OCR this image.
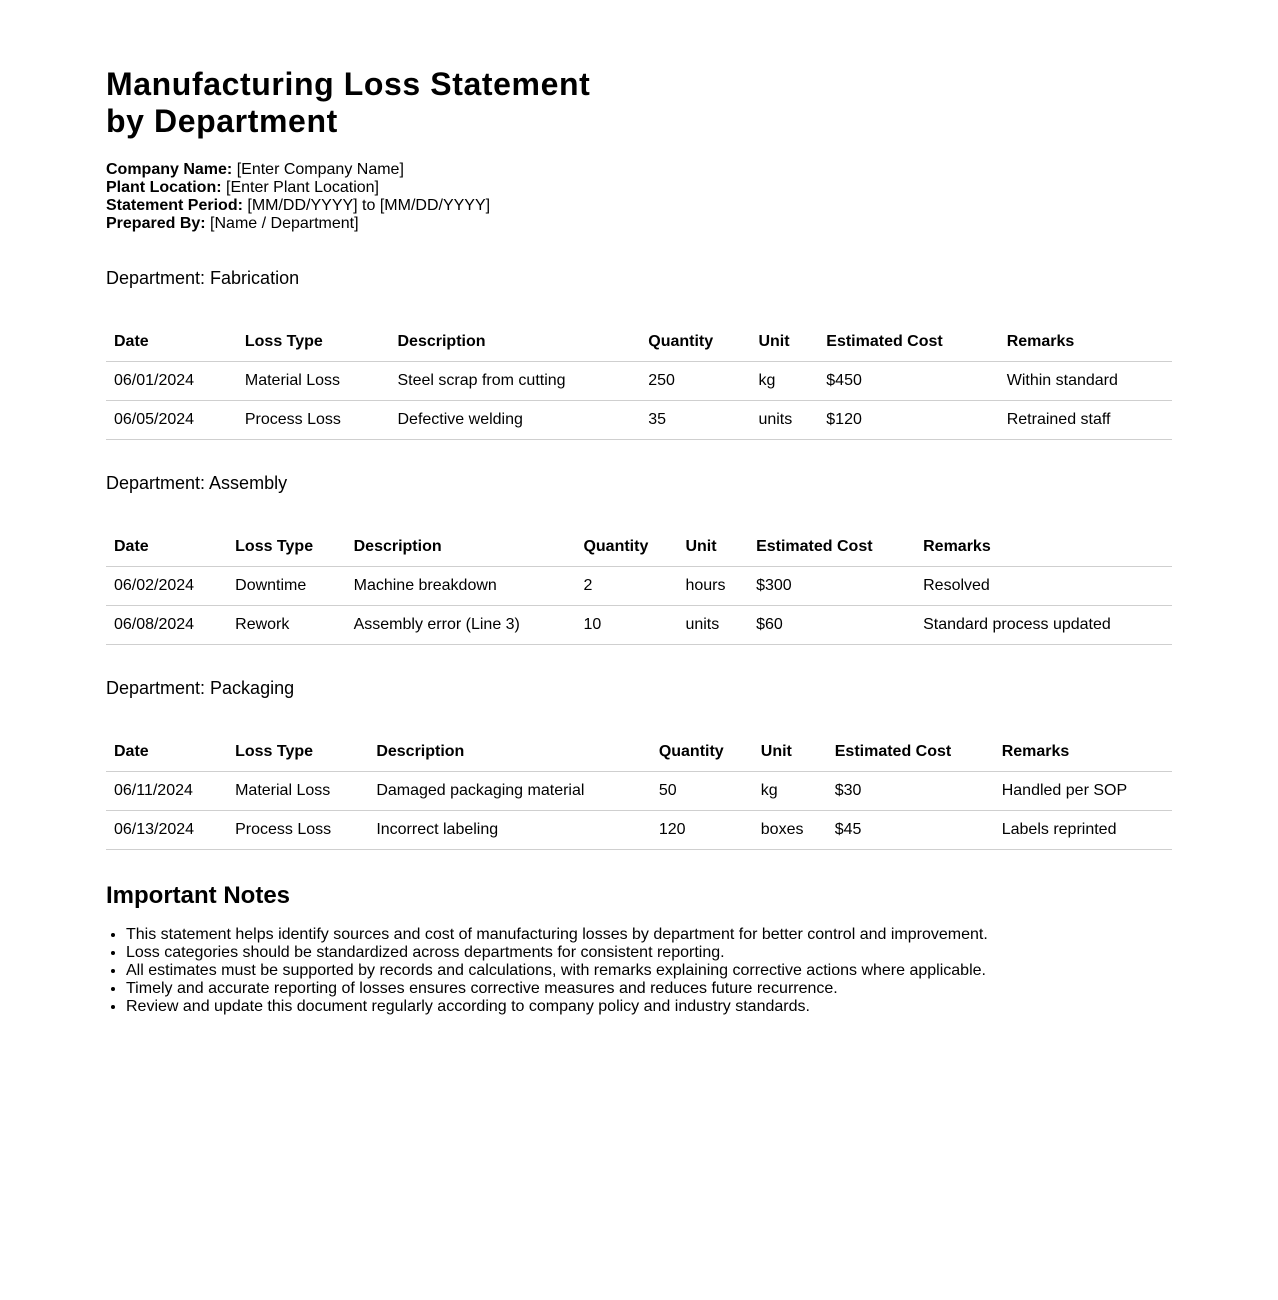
Manufacturing Loss Statement
by Department
Company Name: [Enter Company Name]
Plant Location: [Enter Plant Location]
Statement Period: [MM/DD/YYYY] to [MM/DD/YYYY]
Prepared By: [Name / Department]
Department: Fabrication
Date	Loss Type	Description	Quantity	Unit	Estimated Cost	Remarks
06/01/2024	Material Loss	Steel scrap from cutting	250	kg	$450	Within standard
06/05/2024	Process Loss	Defective welding	35	units	$120	Retrained staff
Department: Assembly
Date	Loss Type	Description	Quantity	Unit	Estimated Cost	Remarks
06/02/2024	Downtime	Machine breakdown	2	hours	$300	Resolved
06/08/2024	Rework	Assembly error (Line 3)	10	units	$60	Standard process updated
Department: Packaging
Date	Loss Type	Description	Quantity	Unit	Estimated Cost	Remarks
06/11/2024	Material Loss	Damaged packaging material	50	kg	$30	Handled per SOP
06/13/2024	Process Loss	Incorrect labeling	120	boxes	$45	Labels reprinted
Important Notes
• This statement helps identify sources and cost of manufacturing losses by department for better control and improvement.
• Loss categories should be standardized across departments for consistent reporting.
• All estimates must be supported by records and calculations, with remarks explaining corrective actions where applicable.
• Timely and accurate reporting of losses ensures corrective measures and reduces future recurrence.
• Review and update this document regularly according to company policy and industry standards.
